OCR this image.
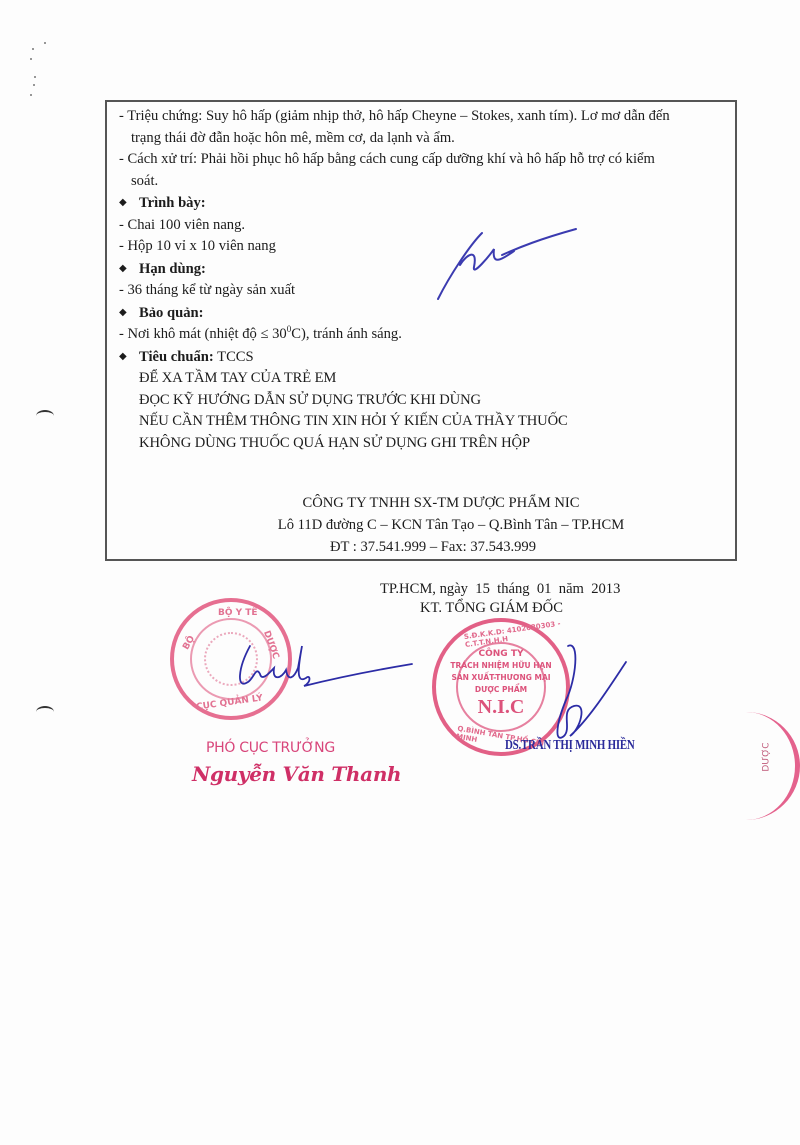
- Triệu chứng: Suy hô hấp (giảm nhịp thở, hô hấp Cheyne – Stokes, xanh tím). Lơ mơ dẫn đến
trạng thái đờ đẫn hoặc hôn mê, mềm cơ, da lạnh và ẩm.
- Cách xử trí: Phải hồi phục hô hấp bằng cách cung cấp dưỡng khí và hô hấp hỗ trợ có kiểm
soát.
◆ Trình bày:
- Chai 100 viên nang.
- Hộp 10 vỉ x 10 viên nang
◆ Hạn dùng:
- 36 tháng kể từ ngày sản xuất
◆ Bảo quản:
- Nơi khô mát (nhiệt độ ≤ $30^0C$), tránh ánh sáng.
◆ Tiêu chuẩn: TCCS
ĐỂ XA TẦM TAY CỦA TRẺ EM
ĐỌC KỸ HƯỚNG DẪN SỬ DỤNG TRƯỚC KHI DÙNG
NẾU CẦN THÊM THÔNG TIN XIN HỎI Ý KIẾN CỦA THẦY THUỐC
KHÔNG DÙNG THUỐC QUÁ HẠN SỬ DỤNG GHI TRÊN HỘP
CÔNG TY TNHH SX-TM DƯỢC PHẨM NIC
Lô 11D đường C – KCN Tân Tạo – Q.Bình Tân – TP.HCM
ĐT : 37.541.999 – Fax: 37.543.999
TP.HCM, ngày  15  tháng  01  năm  2013
KT. TỔNG GIÁM ĐỐC
BỘ Y TẾ
BỘ	DƯỢC
CỤC QUẢN LÝ
PHÓ CỤC TRƯỞNG
Nguyễn Văn Thanh
S.Đ.K.K.D: 4102020303 - C.T.T.N.H.H
Q.BÌNH TÂN TP.HỒ CHÍ MINH
CÔNG TY
TRÁCH NHIỆM HỮU HẠN
SẢN XUẤT-THƯƠNG MẠI
DƯỢC PHẨM
N.I.C
DS.TRẦN THỊ MINH HIỀN	DƯỢC
